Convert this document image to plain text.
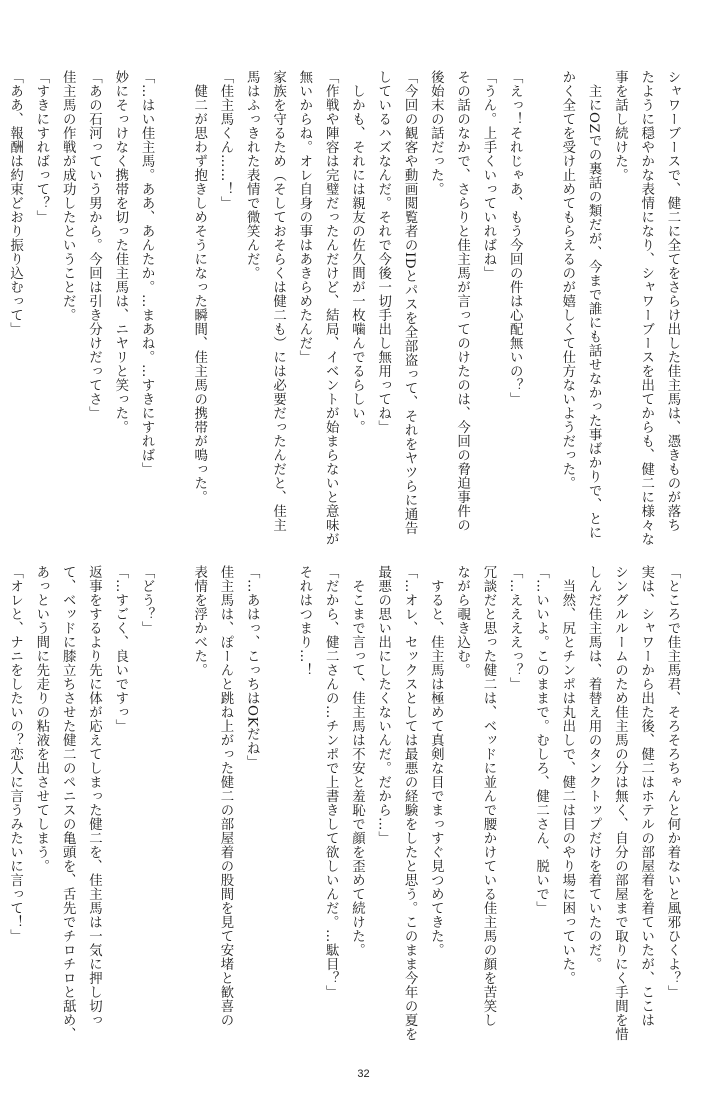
シャワーブースで、健二に全てをさらけ出した佳主馬は、憑きものが落ち
たように穏やかな表情になり、シャワーブースを出てからも、健二に様々な
事を話し続けた。
　主にOZでの裏話の類だが、今まで誰にも話せなかった事ばかりで、とに
かく全てを受け止めてもらえるのが嬉しくて仕方ないようだった。

「えっ！それじゃあ、もう今回の件は心配無いの？」
「うん。上手くいっていればね」
その話のなかで、さらりと佳主馬が言ってのけたのは、今回の脅迫事件の
後始末の話だった。
「今回の観客や動画閲覧者のIDとパスを全部盗って、それをヤツらに通告
しているハズなんだ。それで今後一切手出し無用ってね」
　しかも、それには親友の佐久間が一枚噛んでるらしい。
「作戦や陣容は完璧だったんだけど、結局、イベントが始まらないと意味が
無いからね。オレ自身の事はあきらめたんだ」
家族を守るため（そしておそらくは健二も）には必要だったんだと、佳主
馬はふっきれた表情で微笑んだ。
「佳主馬くん……！」
　健二が思わず抱きしめそうになった瞬間、佳主馬の携帯が鳴った。

「…はい佳主馬。ああ、あんたか。…まあね。…すきにすれば」
妙にそっけなく携帯を切った佳主馬は、ニヤリと笑った。
「あの石河っていう男から。今回は引き分けだってさ」
佳主馬の作戦が成功したということだ。
「すきにすればって？」
「ああ、報酬は約束どおり振り込むって」
「ところで佳主馬君、そろそろちゃんと何か着ないと風邪ひくよ？」
実は、シャワーから出た後、健二はホテルの部屋着を着ていたが、ここは
シングルルームのため佳主馬の分は無く、自分の部屋まで取りにく手間を惜
しんだ佳主馬は、着替え用のタンクトップだけを着ていたのだ。
　当然、尻とチンポは丸出しで、健二は目のやり場に困っていた。
「…いいよ。このままで。むしろ、健二さん、脱いで」
「…ええええっ？」
冗談だと思った健二は、ベッドに並んで腰かけている佳主馬の顔を苦笑し
ながら覗き込む。
　すると、佳主馬は極めて真剣な目でまっすぐ見つめてきた。
「…オレ、セックスとしては最悪の経験をしたと思う。このまま今年の夏を
最悪の思い出にしたくないんだ。だから…」
　そこまで言って、佳主馬は不安と羞恥で顔を歪めて続けた。
「だから、健二さんの…チンポで上書きして欲しいんだ。…駄目？」
それはつまり…！

「…あはっ、こっちはOKだね」
佳主馬は、ぽーんと跳ね上がった健二の部屋着の股間を見て安堵と歓喜の
表情を浮かべた。

「どう？」
「…すごく、良いですっ」
返事をするより先に体が応えてしまった健二を、佳主馬は一気に押し切っ
て、ベッドに膝立ちさせた健二のペニスの亀頭を、舌先でチロチロと舐め、
あっという間に先走りの粘液を出させてしまう。
「オレと、ナニをしたいの？恋人に言うみたいに言って！」
32
